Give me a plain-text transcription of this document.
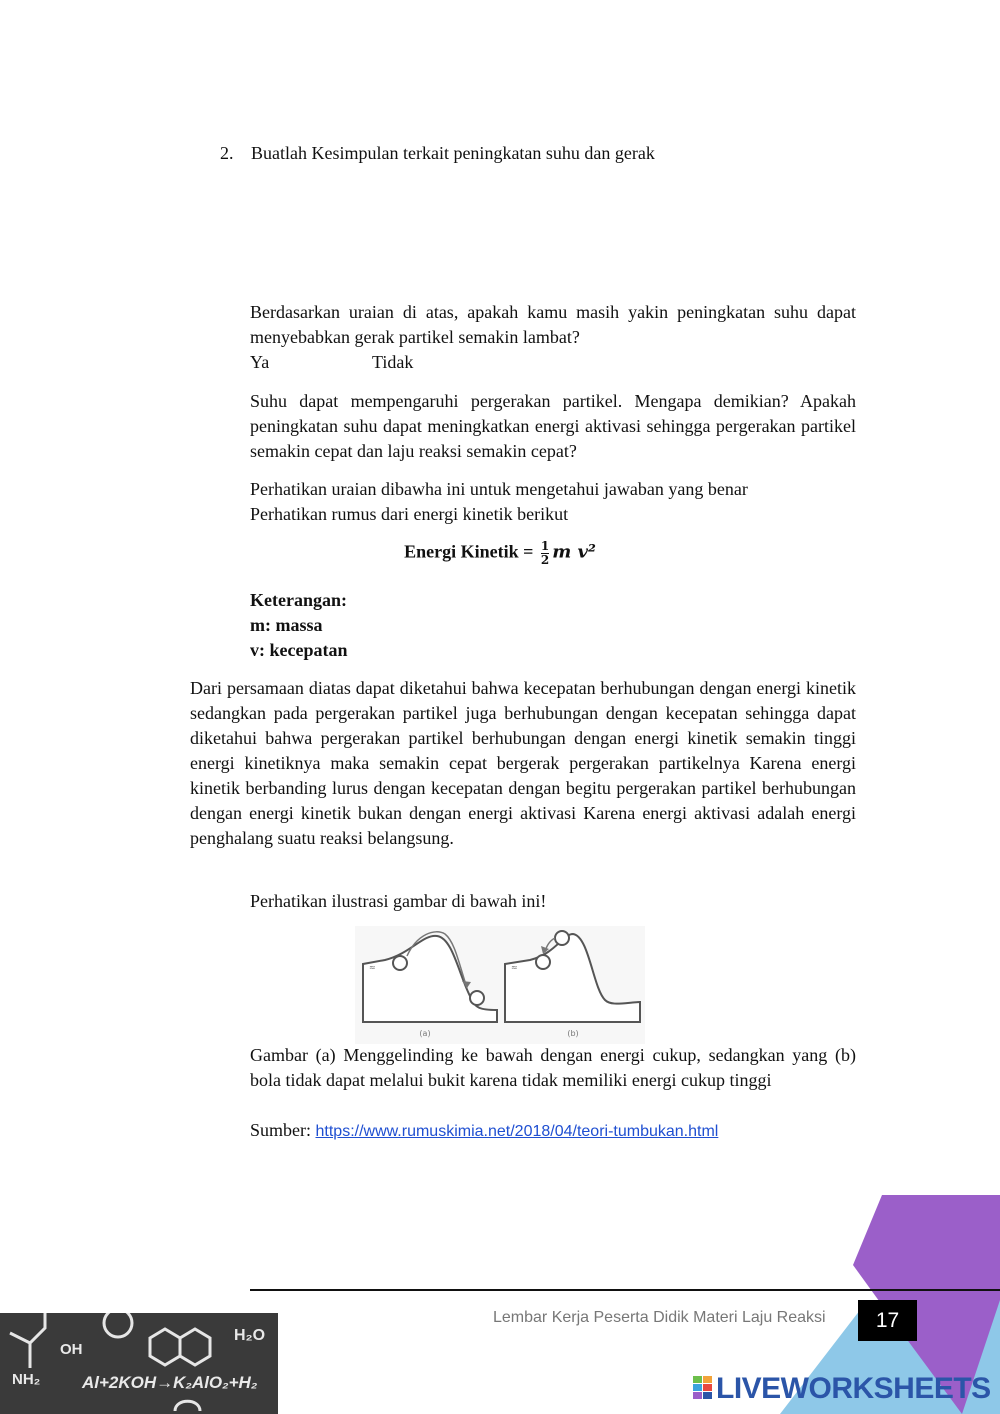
2. Buatlah Kesimpulan terkait peningkatan suhu dan gerak
Berdasarkan uraian di atas, apakah kamu masih yakin peningkatan suhu dapat menyebabkan gerak partikel semakin lambat?
Ya	Tidak
Suhu dapat mempengaruhi pergerakan partikel. Mengapa demikian? Apakah peningkatan suhu dapat meningkatkan energi aktivasi sehingga pergerakan partikel semakin cepat dan laju reaksi semakin cepat?
Perhatikan uraian dibawha ini untuk mengetahui jawaban yang benar
Perhatikan rumus dari energi kinetik berikut
Energi Kinetik = $\frac{1}{2}$ m v²
Keterangan:
m: massa
v: kecepatan
Dari persamaan diatas dapat diketahui bahwa kecepatan berhubungan dengan energi kinetik sedangkan pada pergerakan partikel juga berhubungan dengan kecepatan sehingga dapat diketahui bahwa pergerakan partikel berhubungan dengan energi kinetik semakin tinggi energi kinetiknya maka semakin cepat bergerak pergerakan partikelnya Karena energi kinetik berbanding lurus dengan kecepatan dengan begitu pergerakan partikel berhubungan dengan energi kinetik bukan dengan energi aktivasi Karena energi aktivasi adalah energi penghalang suatu reaksi belangsung.
Perhatikan ilustrasi gambar di bawah ini!
≈	≈
(a)	(b)
Gambar (a) Menggelinding ke bawah dengan energi cukup, sedangkan yang (b) bola tidak dapat melalui bukit karena tidak memiliki energi cukup tinggi
Sumber: https://www.rumuskimia.net/2018/04/teori-tumbukan.html
Lembar Kerja Peserta Didik Materi Laju Reaksi	17
OH
NH₂
H₂O
Al+2KOH→K₂AlO₂+H₂	LIVEWORKSHEETS
